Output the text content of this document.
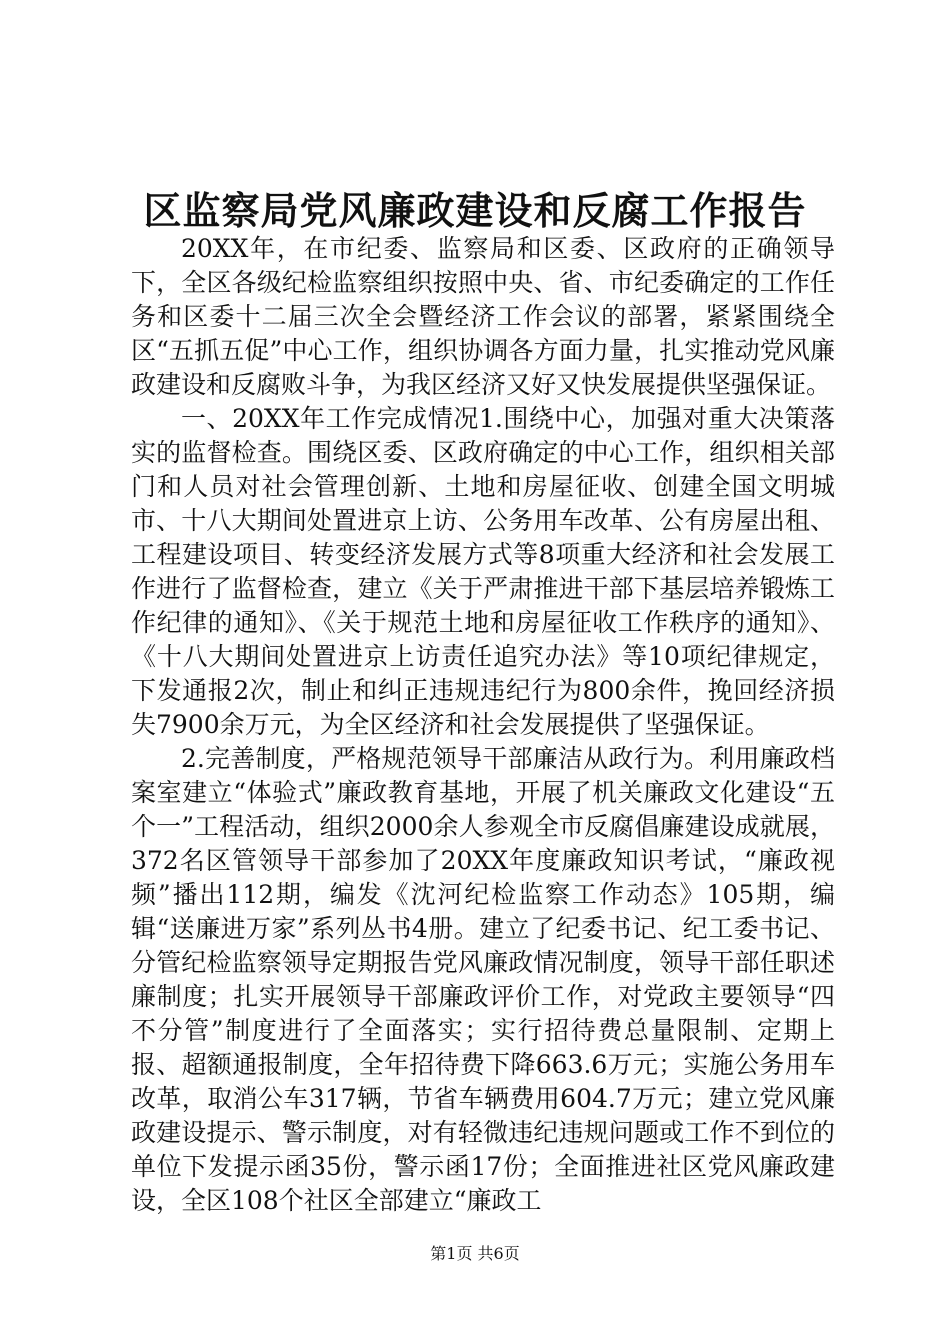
区监察局党风廉政建设和反腐工作报告

20XX年，在市纪委、监察局和区委、区政府的正确领导下，全区各级纪检监察组织按照中央、省、市纪委确定的工作任务和区委十二届三次全会暨经济工作会议的部署，紧紧围绕全区“五抓五促”中心工作，组织协调各方面力量，扎实推动党风廉政建设和反腐败斗争，为我区经济又好又快发展提供坚强保证。

一、20XX年工作完成情况1.围绕中心，加强对重大决策落实的监督检查。围绕区委、区政府确定的中心工作，组织相关部门和人员对社会管理创新、土地和房屋征收、创建全国文明城市、十八大期间处置进京上访、公务用车改革、公有房屋出租、工程建设项目、转变经济发展方式等8项重大经济和社会发展工作进行了监督检查，建立《关于严肃推进干部下基层培养锻炼工作纪律的通知》、《关于规范土地和房屋征收工作秩序的通知》、《十八大期间处置进京上访责任追究办法》等10项纪律规定，下发通报2次，制止和纠正违规违纪行为800余件，挽回经济损失7900余万元，为全区经济和社会发展提供了坚强保证。

2.完善制度，严格规范领导干部廉洁从政行为。利用廉政档案室建立“体验式”廉政教育基地，开展了机关廉政文化建设“五个一”工程活动，组织2000余人参观全市反腐倡廉建设成就展，372名区管领导干部参加了20XX年度廉政知识考试，“廉政视频”播出112期，编发《沈河纪检监察工作动态》105期，编辑“送廉进万家”系列丛书4册。建立了纪委书记、纪工委书记、分管纪检监察领导定期报告党风廉政情况制度，领导干部任职述廉制度；扎实开展领导干部廉政评价工作，对党政主要领导“四不分管”制度进行了全面落实；实行招待费总量限制、定期上报、超额通报制度，全年招待费下降663.6万元；实施公务用车改革，取消公车317辆，节省车辆费用604.7万元；建立党风廉政建设提示、警示制度，对有轻微违纪违规问题或工作不到位的单位下发提示函35份，警示函17份；全面推进社区党风廉政建设，全区108个社区全部建立“廉政工

第1页 共6页
